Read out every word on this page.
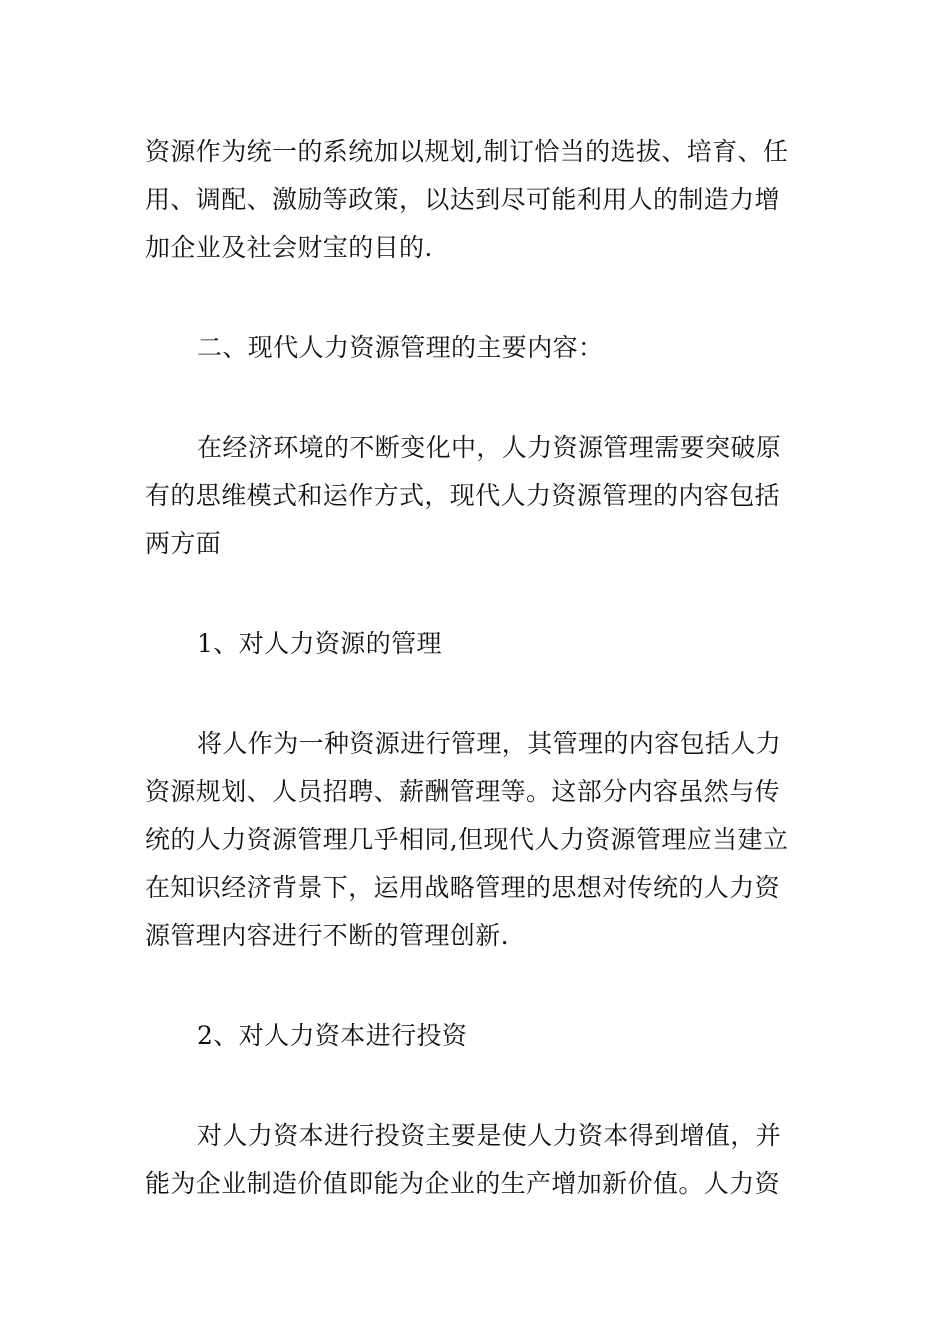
资源作为统一的系统加以规划,制订恰当的选拔、培育、任
用、调配、激励等政策，以达到尽可能利用人的制造力增
加企业及社会财宝的目的.

二、现代人力资源管理的主要内容：

在经济环境的不断变化中，人力资源管理需要突破原
有的思维模式和运作方式，现代人力资源管理的内容包括
两方面

1、对人力资源的管理

将人作为一种资源进行管理，其管理的内容包括人力
资源规划、人员招聘、薪酬管理等。这部分内容虽然与传
统的人力资源管理几乎相同,但现代人力资源管理应当建立
在知识经济背景下，运用战略管理的思想对传统的人力资
源管理内容进行不断的管理创新.

2、对人力资本进行投资

对人力资本进行投资主要是使人力资本得到增值，并
能为企业制造价值即能为企业的生产增加新价值。人力资
